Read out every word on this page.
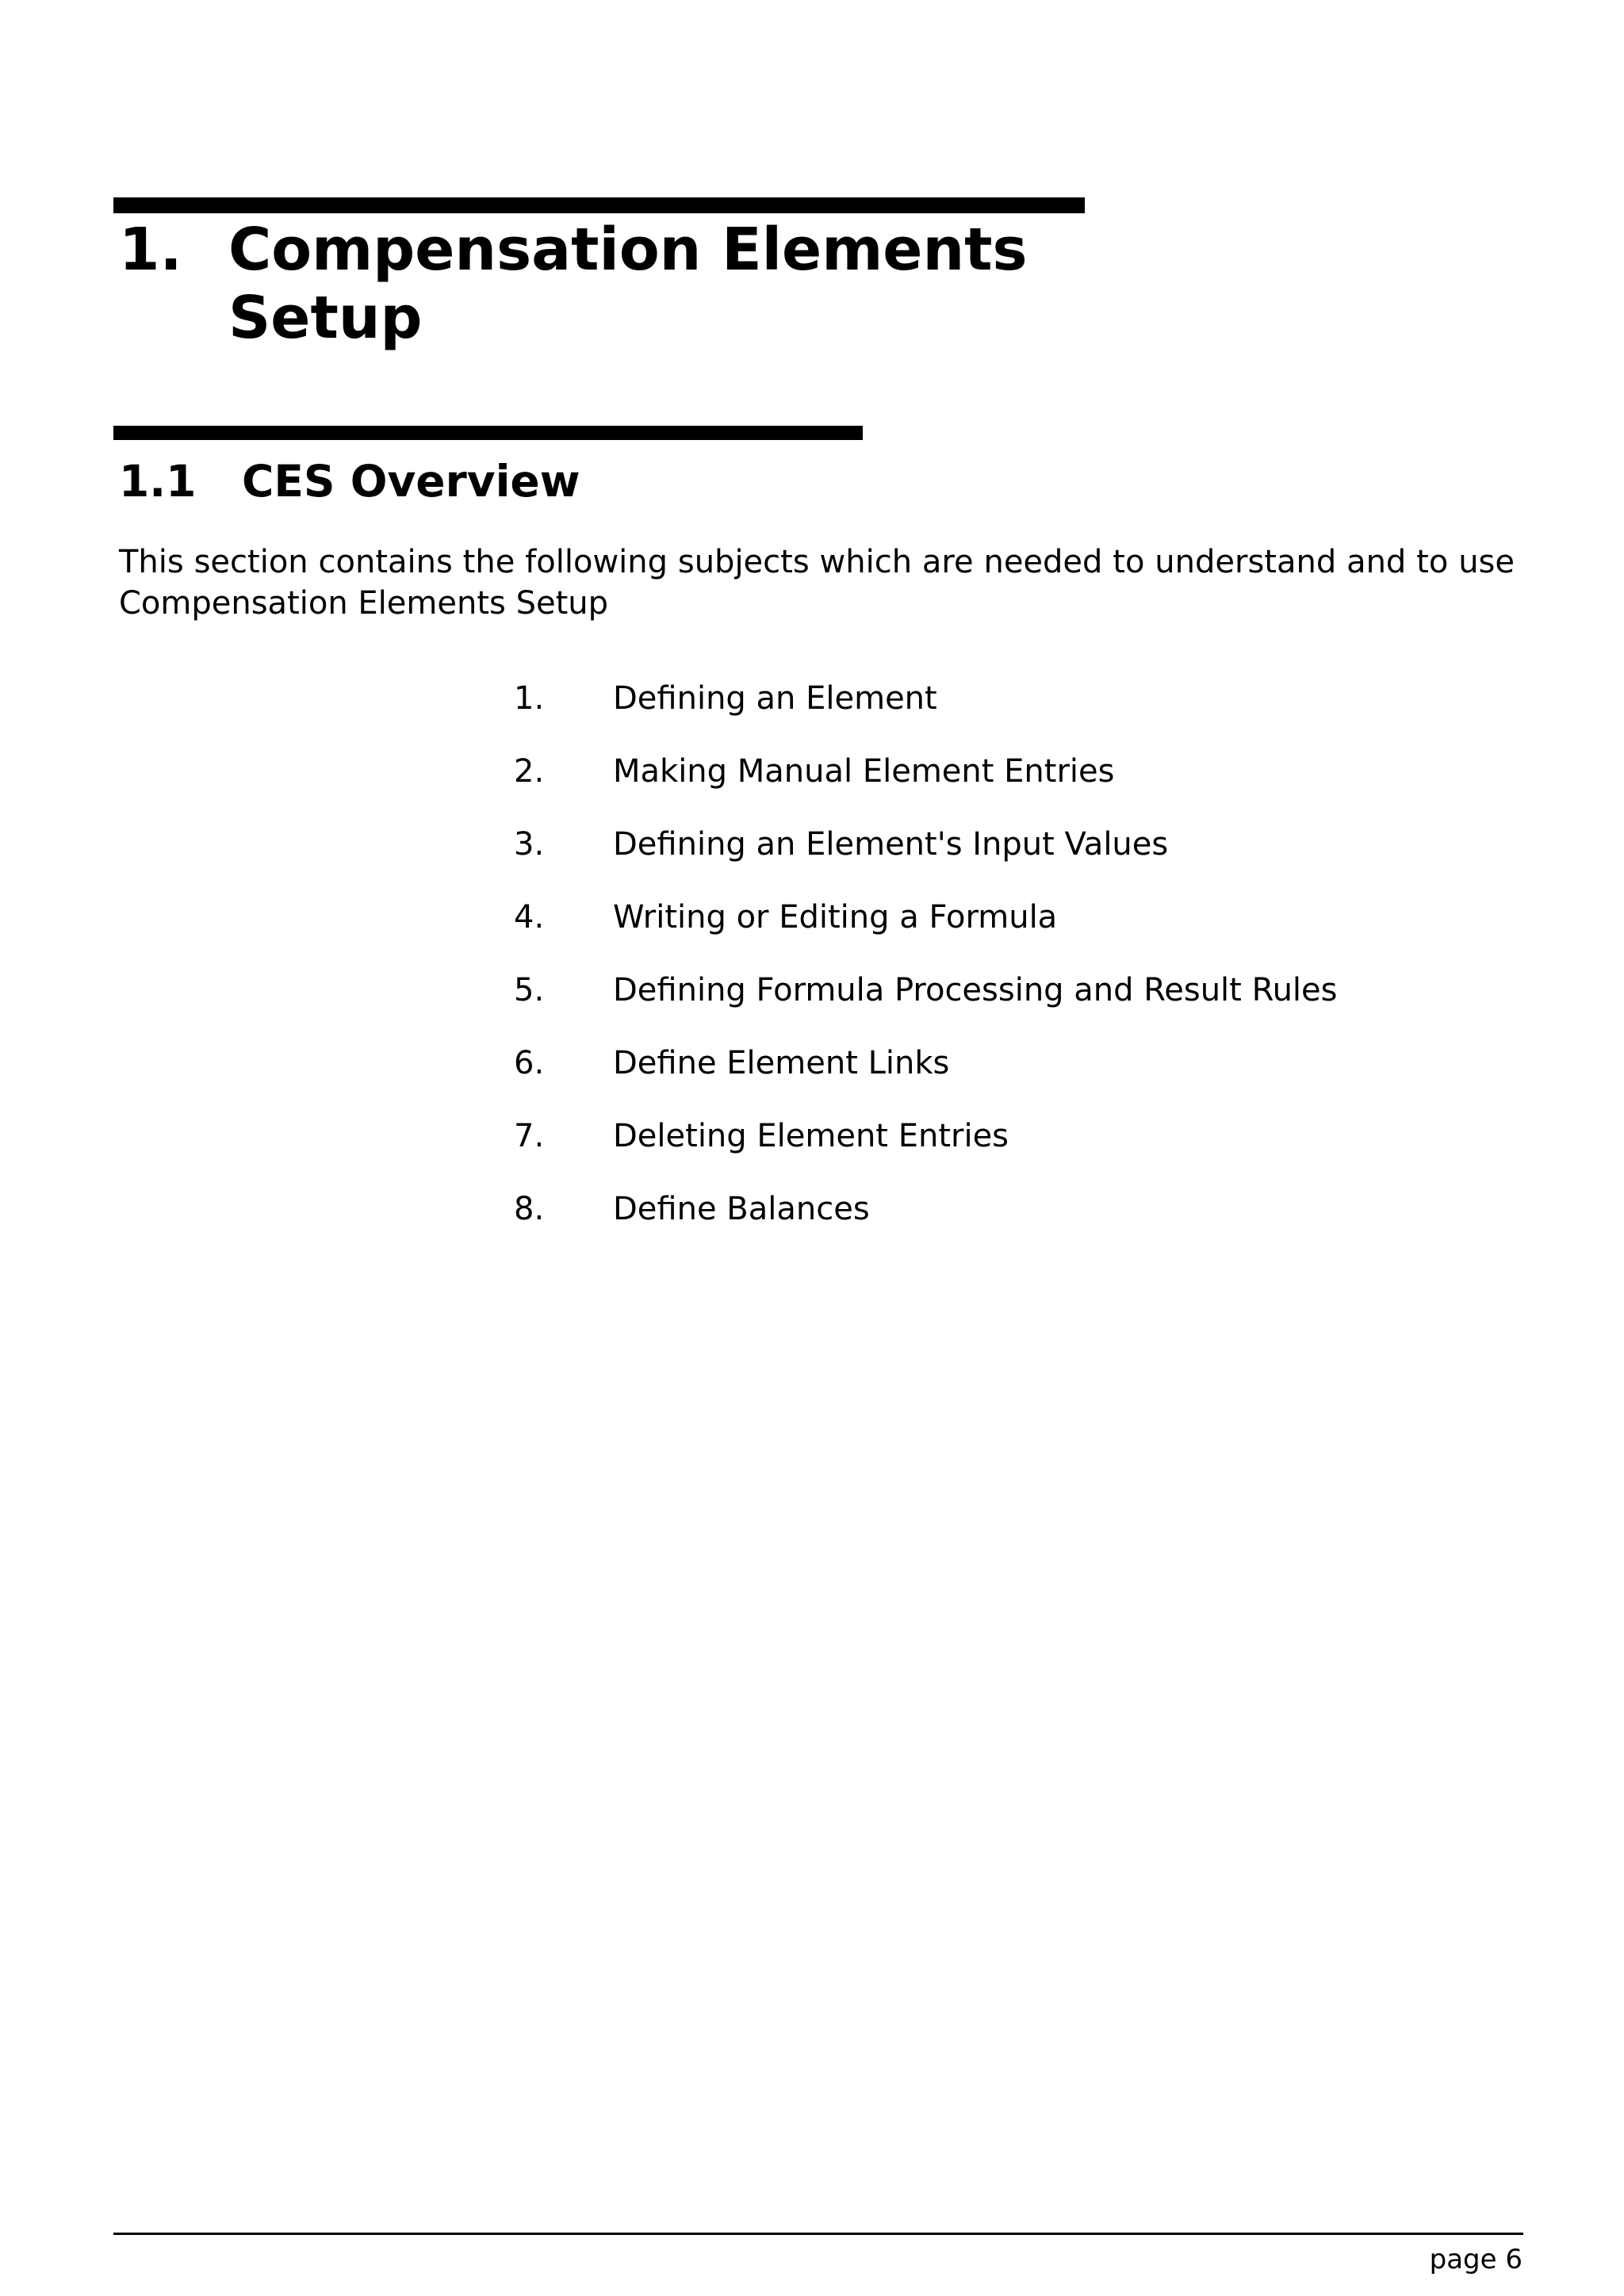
1. Compensation Elements Setup
1.1 CES Overview

This section contains the following subjects which are needed to understand and to use Compensation Elements Setup

1. Defining an Element
2. Making Manual Element Entries
3. Defining an Element's Input Values
4. Writing or Editing a Formula
5. Defining Formula Processing and Result Rules
6. Define Element Links
7. Deleting Element Entries
8. Define Balances
page 6
